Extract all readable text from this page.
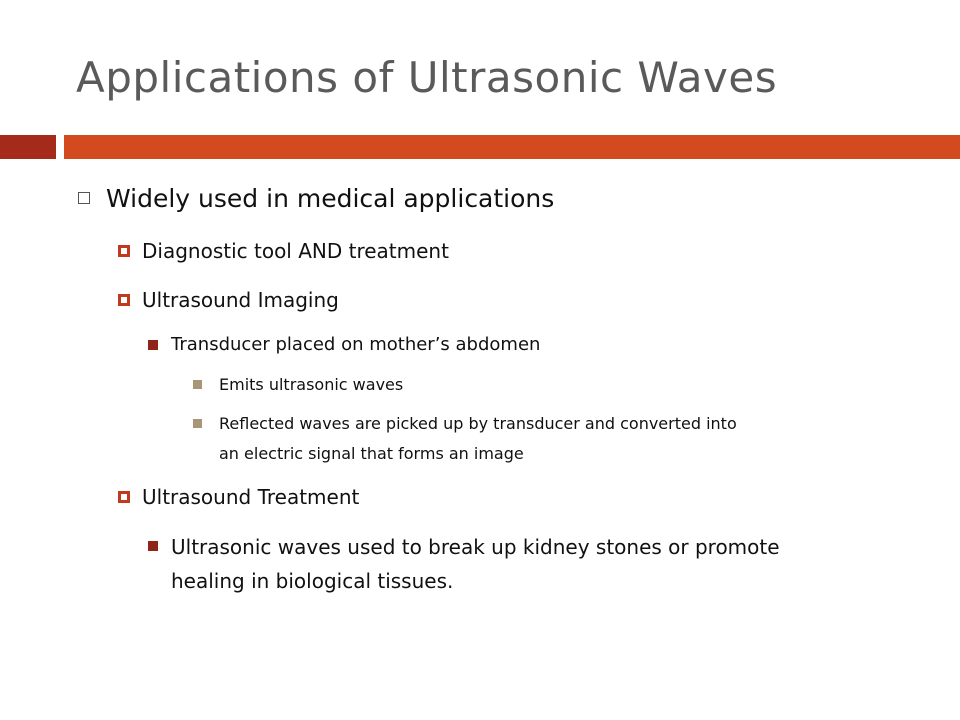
Applications of Ultrasonic Waves
Widely used in medical applications
Diagnostic tool AND treatment
Ultrasound Imaging
Transducer placed on mother’s abdomen
Emits ultrasonic waves
Reflected waves are picked up by transducer and converted into
an electric signal that forms an image
Ultrasound Treatment
Ultrasonic waves used to break up kidney stones or promote
healing in biological tissues.
